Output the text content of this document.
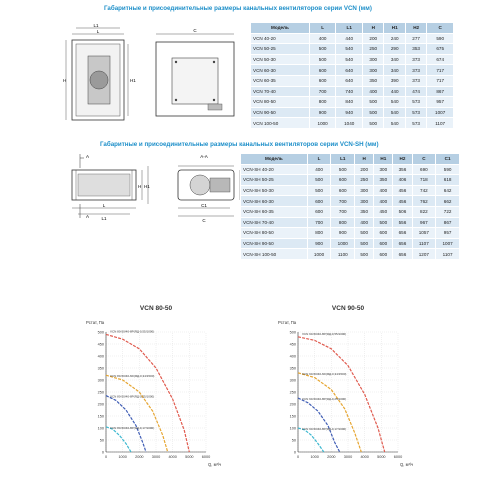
Габаритные и присоединительные размеры канальных вентиляторов серии VCN (мм)
L1
L
H	H1
C
Модель	L	L1	H	H1	H2	C
VCN 40-20	400	440	200	240	277	590
VCN 50-25	500	540	250	290	353	675
VCN 50-30	500	540	300	340	373	674
VCN 60-30	600	640	300	340	373	717
VCN 60-35	600	640	350	390	373	717
VCN 70-40	700	740	400	440	474	867
VCN 80-50	800	840	500	540	573	957
VCN 90-50	900	940	500	540	573	1007
VCN 100-50	1000	1040	500	540	573	1107
Габаритные и присоединительные размеры канальных вентиляторов серии VCN-SH (мм)
A
L
L1
H H1
A
A-A
C1
C
Модель	L	L1	H	H1	H2	C	C1
VCN-SH 40-20	400	500	200	300	356	690	590
VCN-SH 50-25	500	600	250	350	406	718	618
VCN-SH 50-30	500	600	300	400	456	742	642
VCN-SH 60-30	600	700	300	400	456	762	662
VCN-SH 60-35	600	700	350	450	506	822	722
VCN-SH 70-40	700	800	400	500	556	967	867
VCN-SH 80-50	800	900	500	600	656	1057	957
VCN-SH 90-50	900	1000	500	600	656	1107	1007
VCN-SH 100-50	1000	1100	500	600	656	1207	1107
VCN 80-50
Pстат, Па
Q, м³/ч
0
50
100
150
200
250
300
350
400
450
500
0	1000 2000 3000 4000 5000 6000
VCN 80-50/40-8P(ЯД-0,55/1000)
VCN 80-50/40-6D(ЯД-0,34/1500)
VCN 80-50/40-8P(ЯД-0,25/1000)
VCN 80-50/40-8P(ЯД-0,17/1000)
VCN 90-50
Pстат, Па
Q, м³/ч
0
50
100
150
200
250
300
350
400
450
500
0	1000 2000 3000 4000 5000 6000
VCN 90-50/40-8P(ЯД-0,55/1000)
VCN 90-50/40-6D(ЯД-0,34/1500)
VCN 90-50/40-8P(ЯД-0,25/1000)
VCN 90-50/40-8P(ЯД-0,17/1000)
